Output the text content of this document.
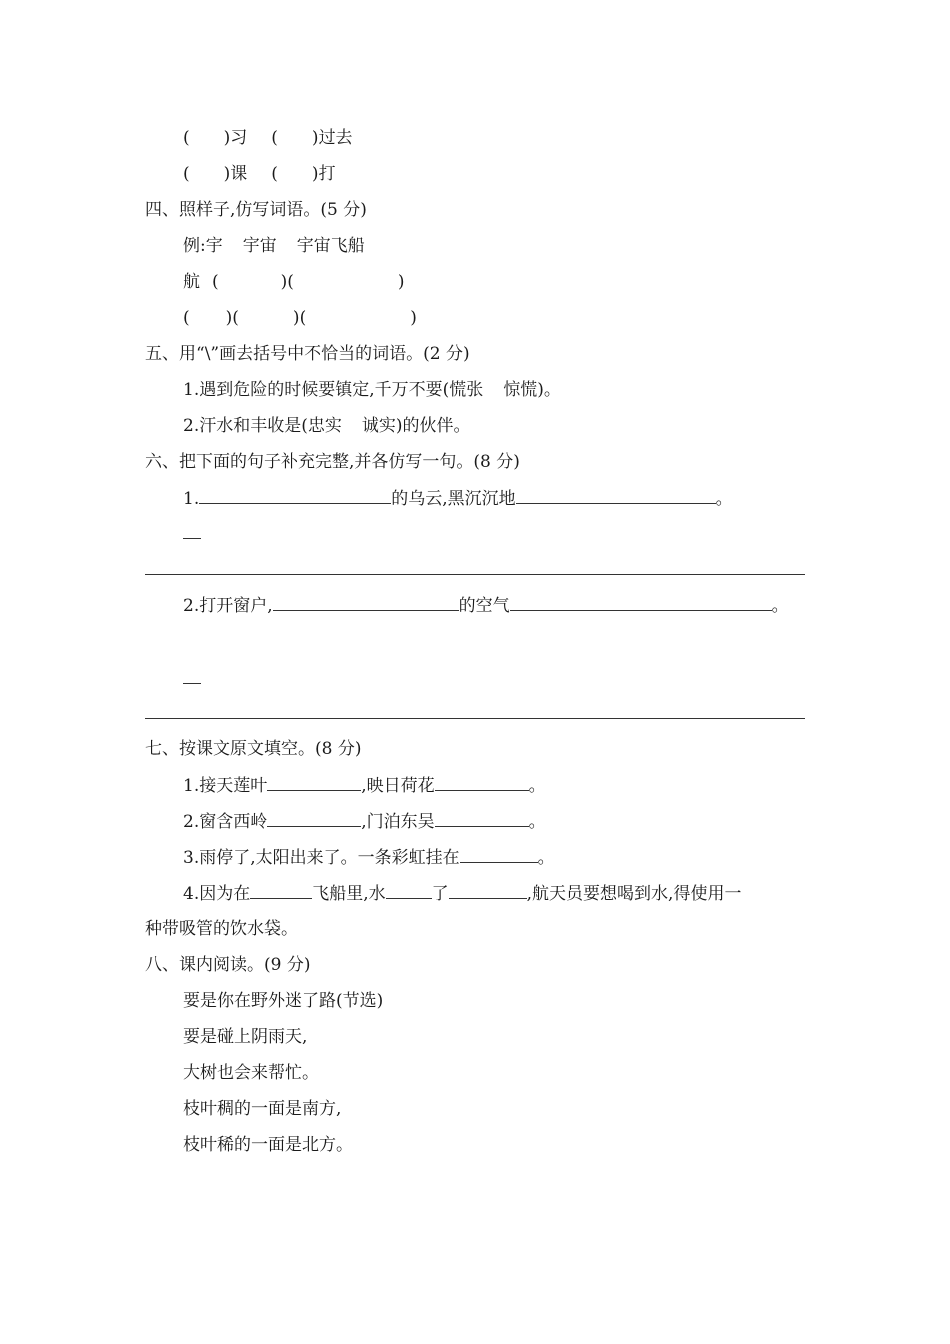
( )习 ( )过去
( )课 ( )打
四、照样子,仿写词语。(5 分)
例:宇 宇宙 宇宙飞船
航 (	)(	)
( )(	)(	)
五、用“\”画去括号中不恰当的词语。(2 分)
1.遇到危险的时候要镇定,千万不要(慌张 惊慌)。
2.汗水和丰收是(忠实 诚实)的伙伴。
六、把下面的句子补充完整,并各仿写一句。(8 分)
1.	的乌云,黑沉沉地	。
2.打开窗户,	的空气	。
七、按课文原文填空。(8 分)
1.接天莲叶	,映日荷花	。
2.窗含西岭	,门泊东吴	。
3.雨停了,太阳出来了。一条彩虹挂在	。
4.因为在	飞船里,水	了	,航天员要想喝到水,得使用一
种带吸管的饮水袋。
八、课内阅读。(9 分)
要是你在野外迷了路(节选)
要是碰上阴雨天,
大树也会来帮忙。
枝叶稠的一面是南方,
枝叶稀的一面是北方。
